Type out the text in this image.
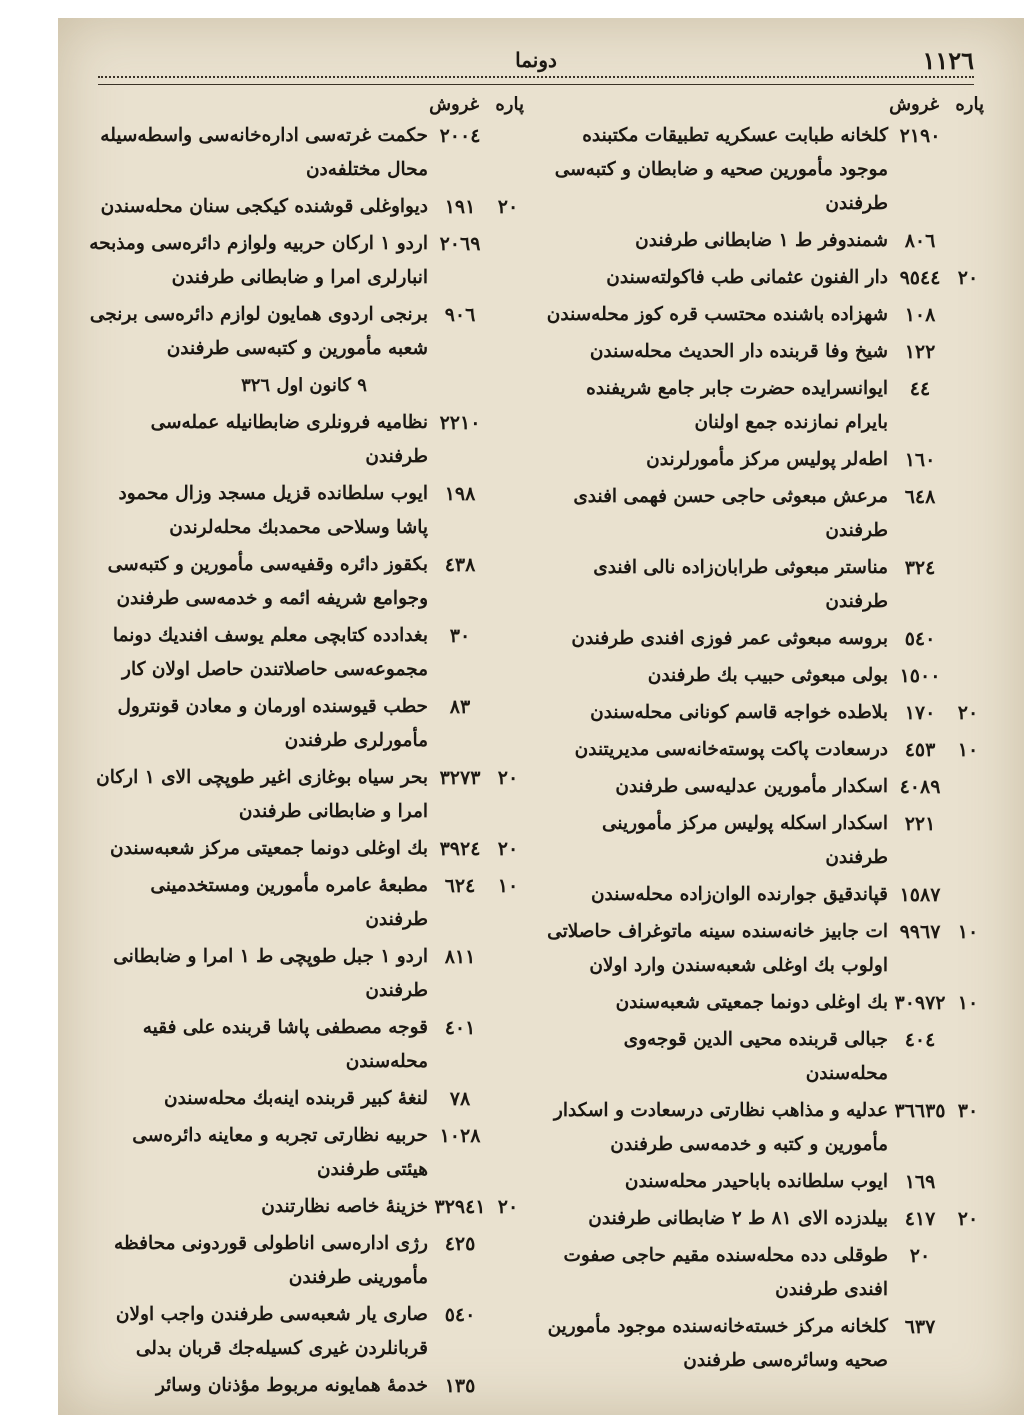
١١٢٦
دونما
پاره غروش
٢١٩٠
كلخانه طبابت عسكريه تطبيقات مكتبنده موجود مأمورين صحيه و ضابطان و كتبه‌سى طرفندن
٨٠٦
شمندوفر ط ١ ضابطانى طرفندن
٢٠
٩٥٤٤
دار الفنون عثمانى طب فاكولته‌سندن
١٠٨
شهزاده باشنده محتسب قره كوز محله‌سندن
١٢٢
شيخ وفا قربنده دار الحديث محله‌سندن
٤٤
ايوانسرايده حضرت جابر جامع شريفنده بايرام نمازنده جمع اولنان
١٦٠
اطه‌لر پوليس مركز مأمورلرندن
٦٤٨
مرعش مبعوثى حاجى حسن فهمى افندى طرفندن
٣٢٤
مناستر مبعوثى طرابان‌زاده نالى افندى طرفندن
٥٤٠
بروسه مبعوثى عمر فوزى افندى طرفندن
١٥٠٠
بولى مبعوثى حبيب بك طرفندن
٢٠
١٧٠
بلاطده خواجه قاسم كونانى محله‌سندن
١٠
٤٥٣
درسعادت پاكت پوسته‌خانه‌سى مديريتندن
٤٠٨٩
اسكدار مأمورين عدليه‌سى طرفندن
٢٢١
اسكدار اسكله پوليس مركز مأمورينى طرفندن
١٥٨٧
قپاندقيق جوارنده الوان‌زاده محله‌سندن
١٠
٩٩٦٧
ات جابيز خانه‌سنده سينه ماتوغراف حاصلاتى اولوب بك اوغلى شعبه‌سندن وارد اولان
١٠
٣٠٩٧٢
بك اوغلى دونما جمعيتى شعبه‌سندن
٤٠٤
جبالى قربنده محيى الدين قوجه‌وى محله‌سندن
٣٠
٣٦٦٣٥
عدليه و مذاهب نظارتى درسعادت و اسكدار مأمورين و كتبه و خدمه‌سى طرفندن
١٦٩
ايوب سلطانده باباحيدر محله‌سندن
٢٠
٤١٧
بيلدزده الاى ٨١ ط ٢ ضابطانى طرفندن
٢٠
طوقلى دده محله‌سنده مقيم حاجى صفوت افندى طرفندن
٦٣٧
كلخانه مركز خسته‌خانه‌سنده موجود مأمورين صحيه وسائره‌سى طرفندن
پاره غروش
٢٠٠٤
حكمت غرته‌سى اداره‌خانه‌سى واسطه‌سيله محال مختلفه‌دن
٢٠
١٩١
ديواوغلى قوشنده كيكجى سنان محله‌سندن
٢٠٦٩
اردو ١ اركان حربيه ولوازم دائره‌سى ومذبحه انبارلرى امرا و ضابطانى طرفندن
٩٠٦
برنجى اردوى همايون لوازم دائره‌سى برنجى شعبه مأمورين و كتبه‌سى طرفندن
٩ كانون اول ٣٢٦
٢٢١٠
نظاميه فرونلرى ضابطانيله عمله‌سى طرفندن
١٩٨
ايوب سلطانده قزيل مسجد وزال محمود پاشا وسلاحى محمدبك محله‌لرندن
٤٣٨
بكقوز دائره وقفيه‌سى مأمورين و كتبه‌سى وجوامع شريفه ائمه و خدمه‌سى طرفندن
٣٠
بغدادده كتابچى معلم يوسف افنديك دونما مجموعه‌سى حاصلاتندن حاصل اولان كار
٨٣
حطب قيوسنده اورمان و معادن قونترول مأمورلرى طرفندن
٢٠
٣٢٧٣
بحر سياه بوغازى اغير طوپچى الاى ١ اركان امرا و ضابطانى طرفندن
٢٠
٣٩٢٤
بك اوغلى دونما جمعيتى مركز شعبه‌سندن
١٠
٦٢٤
مطبعهٔ عامره مأمورين ومستخدمينى طرفندن
٨١١
اردو ١ جبل طوپچى ط ١ امرا و ضابطانى طرفندن
٤٠١
قوجه مصطفى پاشا قربنده على فقيه محله‌سندن
٧٨
لنغهٔ كبير قربنده اينه‌بك محله‌سندن
١٠٢٨
حربيه نظارتى تجربه و معاينه دائره‌سى هيئتى طرفندن
٢٠
٣٢٩٤١
خزينهٔ خاصه نظارتندن
٤٢٥
رژى اداره‌سى اناطولى قوردونى محافظه مأمورينى طرفندن
٥٤٠
صارى يار شعبه‌سى طرفندن واجب اولان قربانلردن غيرى كسيله‌جك قربان بدلى
١٣٥
خدمهٔ همايونه مربوط مؤذنان وسائر
